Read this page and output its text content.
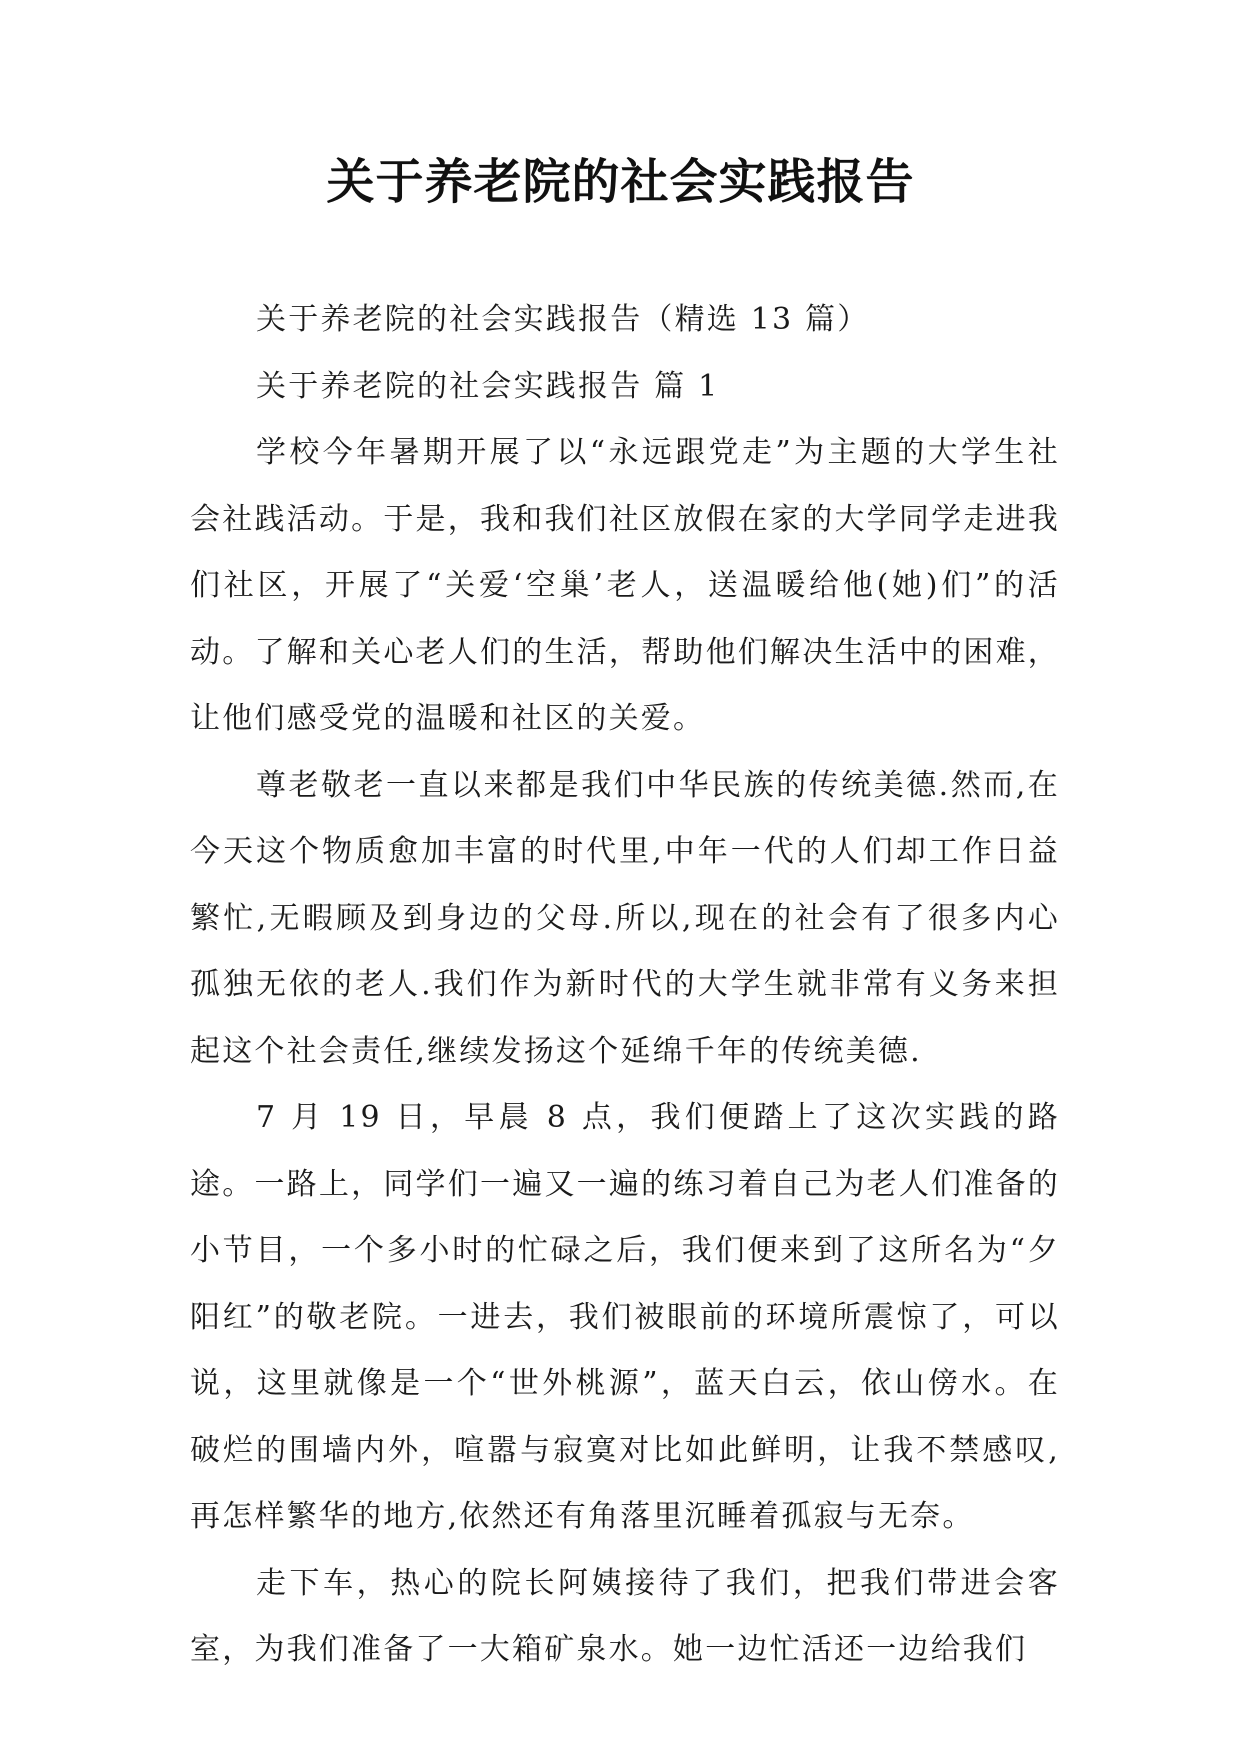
关于养老院的社会实践报告

关于养老院的社会实践报告（精选 13 篇）

关于养老院的社会实践报告 篇 1

学校今年暑期开展了以“永远跟党走”为主题的大学生社会社践活动。于是，我和我们社区放假在家的大学同学走进我们社区，开展了“关爱‘空巢’老人，送温暖给他(她)们”的活动。了解和关心老人们的生活，帮助他们解决生活中的困难，让他们感受党的温暖和社区的关爱。

尊老敬老一直以来都是我们中华民族的传统美德.然而,在今天这个物质愈加丰富的时代里,中年一代的人们却工作日益繁忙,无暇顾及到身边的父母.所以,现在的社会有了很多内心孤独无依的老人.我们作为新时代的大学生就非常有义务来担起这个社会责任,继续发扬这个延绵千年的传统美德.

7 月 19 日，早晨 8 点，我们便踏上了这次实践的路途。一路上，同学们一遍又一遍的练习着自己为老人们准备的小节目，一个多小时的忙碌之后，我们便来到了这所名为“夕阳红”的敬老院。一进去，我们被眼前的环境所震惊了，可以说，这里就像是一个“世外桃源”，蓝天白云，依山傍水。在破烂的围墙内外，喧嚣与寂寞对比如此鲜明，让我不禁感叹,再怎样繁华的地方,依然还有角落里沉睡着孤寂与无奈。

走下车，热心的院长阿姨接待了我们，把我们带进会客室，为我们准备了一大箱矿泉水。她一边忙活还一边给我们
